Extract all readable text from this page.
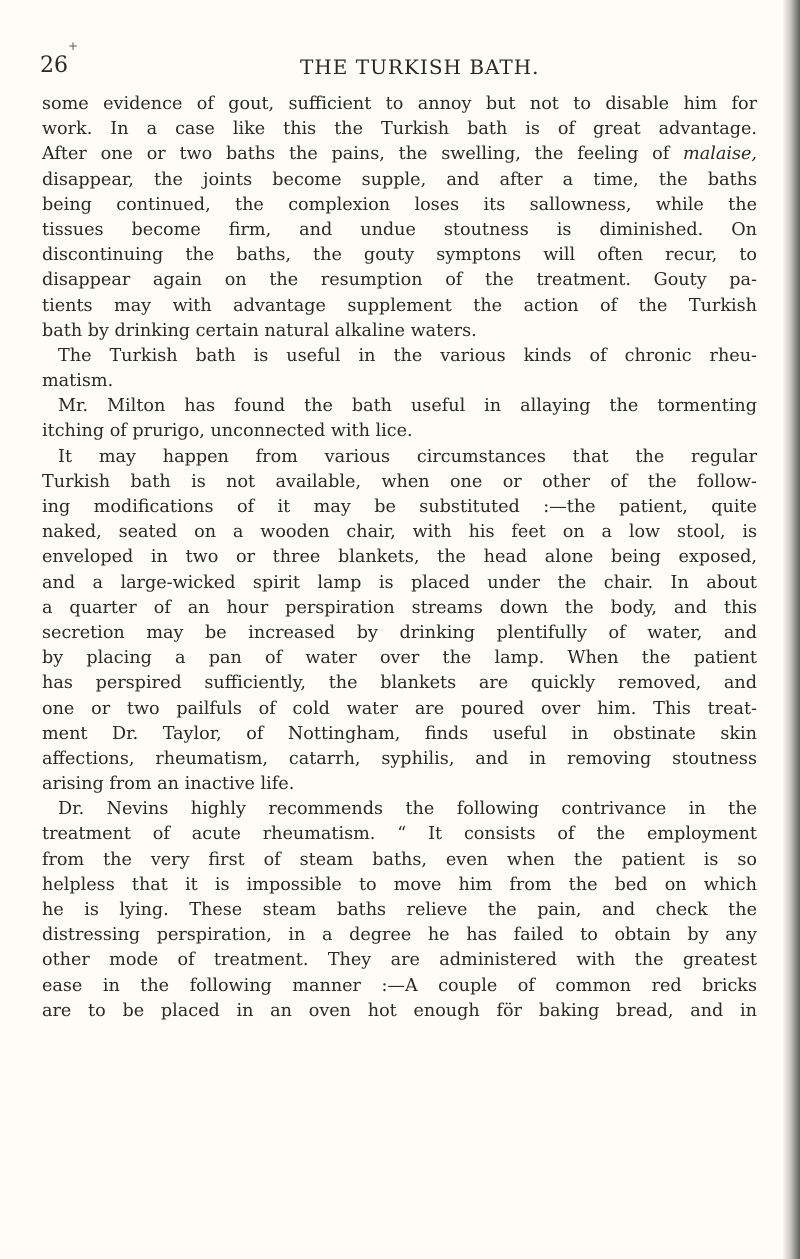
26
+
THE TURKISH BATH.
some evidence of gout, sufficient to annoy but not to disable him for
work. In a case like this the Turkish bath is of great advantage.
After one or two baths the pains, the swelling, the feeling of malaise,
disappear, the joints become supple, and after a time, the baths
being continued, the complexion loses its sallowness, while the
tissues become firm, and undue stoutness is diminished. On
discontinuing the baths, the gouty symptons will often recur, to
disappear again on the resumption of the treatment. Gouty pa-
tients may with advantage supplement the action of the Turkish
bath by drinking certain natural alkaline waters.
The Turkish bath is useful in the various kinds of chronic rheu-
matism.
Mr. Milton has found the bath useful in allaying the tormenting
itching of prurigo, unconnected with lice.
It may happen from various circumstances that the regular
Turkish bath is not available, when one or other of the follow-
ing modifications of it may be substituted :—the patient, quite
naked, seated on a wooden chair, with his feet on a low stool, is
enveloped in two or three blankets, the head alone being exposed,
and a large-wicked spirit lamp is placed under the chair. In about
a quarter of an hour perspiration streams down the body, and this
secretion may be increased by drinking plentifully of water, and
by placing a pan of water over the lamp. When the patient
has perspired sufficiently, the blankets are quickly removed, and
one or two pailfuls of cold water are poured over him. This treat-
ment Dr. Taylor, of Nottingham, finds useful in obstinate skin
affections, rheumatism, catarrh, syphilis, and in removing stoutness
arising from an inactive life.
Dr. Nevins highly recommends the following contrivance in the
treatment of acute rheumatism. “ It consists of the employment
from the very first of steam baths, even when the patient is so
helpless that it is impossible to move him from the bed on which
he is lying. These steam baths relieve the pain, and check the
distressing perspiration, in a degree he has failed to obtain by any
other mode of treatment. They are administered with the greatest
ease in the following manner :—A couple of common red bricks
are to be placed in an oven hot enough för baking bread, and in
